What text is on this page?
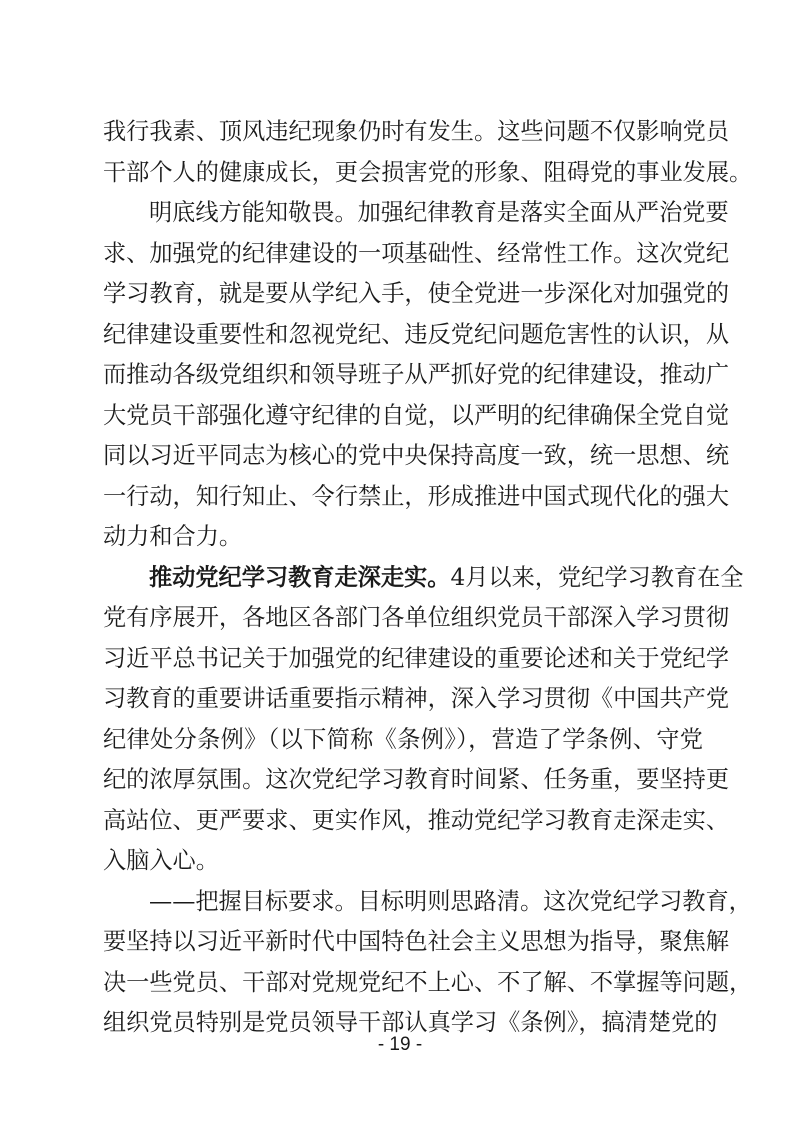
我行我素、顶风违纪现象仍时有发生。这些问题不仅影响党员
干部个人的健康成长，更会损害党的形象、阻碍党的事业发展。
明底线方能知敬畏。加强纪律教育是落实全面从严治党要
求、加强党的纪律建设的一项基础性、经常性工作。这次党纪
学习教育，就是要从学纪入手，使全党进一步深化对加强党的
纪律建设重要性和忽视党纪、违反党纪问题危害性的认识，从
而推动各级党组织和领导班子从严抓好党的纪律建设，推动广
大党员干部强化遵守纪律的自觉，以严明的纪律确保全党自觉
同以习近平同志为核心的党中央保持高度一致，统一思想、统
一行动，知行知止、令行禁止，形成推进中国式现代化的强大
动力和合力。
推动党纪学习教育走深走实。4月以来，党纪学习教育在全
党有序展开，各地区各部门各单位组织党员干部深入学习贯彻
习近平总书记关于加强党的纪律建设的重要论述和关于党纪学
习教育的重要讲话重要指示精神，深入学习贯彻《中国共产党
纪律处分条例》（以下简称《条例》），营造了学条例、守党
纪的浓厚氛围。这次党纪学习教育时间紧、任务重，要坚持更
高站位、更严要求、更实作风，推动党纪学习教育走深走实、
入脑入心。
——把握目标要求。目标明则思路清。这次党纪学习教育，
要坚持以习近平新时代中国特色社会主义思想为指导，聚焦解
决一些党员、干部对党规党纪不上心、不了解、不掌握等问题，
组织党员特别是党员领导干部认真学习《条例》，搞清楚党的
- 19 -
